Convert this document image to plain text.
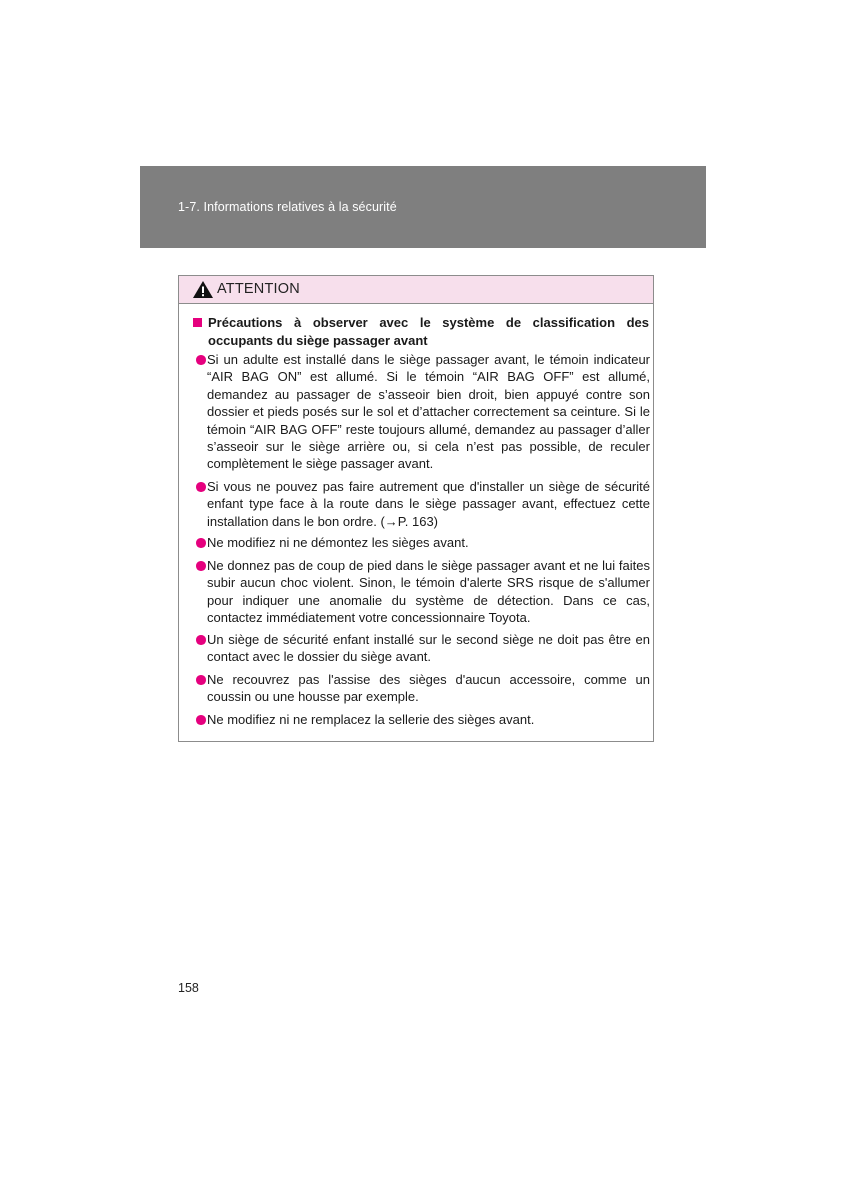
1-7. Informations relatives à la sécurité
ATTENTION
Précautions à observer avec le système de classification des occupants du siège passager avant
Si un adulte est installé dans le siège passager avant, le témoin indicateur “AIR BAG ON” est allumé. Si le témoin “AIR BAG OFF” est allumé, demandez au passager de s’asseoir bien droit, bien appuyé contre son dossier et pieds posés sur le sol et d’attacher correctement sa ceinture. Si le témoin “AIR BAG OFF” reste toujours allumé, demandez au passager d’aller s’asseoir sur le siège arrière ou, si cela n’est pas possible, de reculer complètement le siège passager avant.
Si vous ne pouvez pas faire autrement que d'installer un siège de sécurité enfant type face à la route dans le siège passager avant, effectuez cette installation dans le bon ordre. (→P. 163)
Ne modifiez ni ne démontez les sièges avant.
Ne donnez pas de coup de pied dans le siège passager avant et ne lui faites subir aucun choc violent. Sinon, le témoin d'alerte SRS risque de s'allumer pour indiquer une anomalie du système de détection. Dans ce cas, contactez immédiatement votre concessionnaire Toyota.
Un siège de sécurité enfant installé sur le second siège ne doit pas être en contact avec le dossier du siège avant.
Ne recouvrez pas l'assise des sièges d'aucun accessoire, comme un coussin ou une housse par exemple.
Ne modifiez ni ne remplacez la sellerie des sièges avant.
158
